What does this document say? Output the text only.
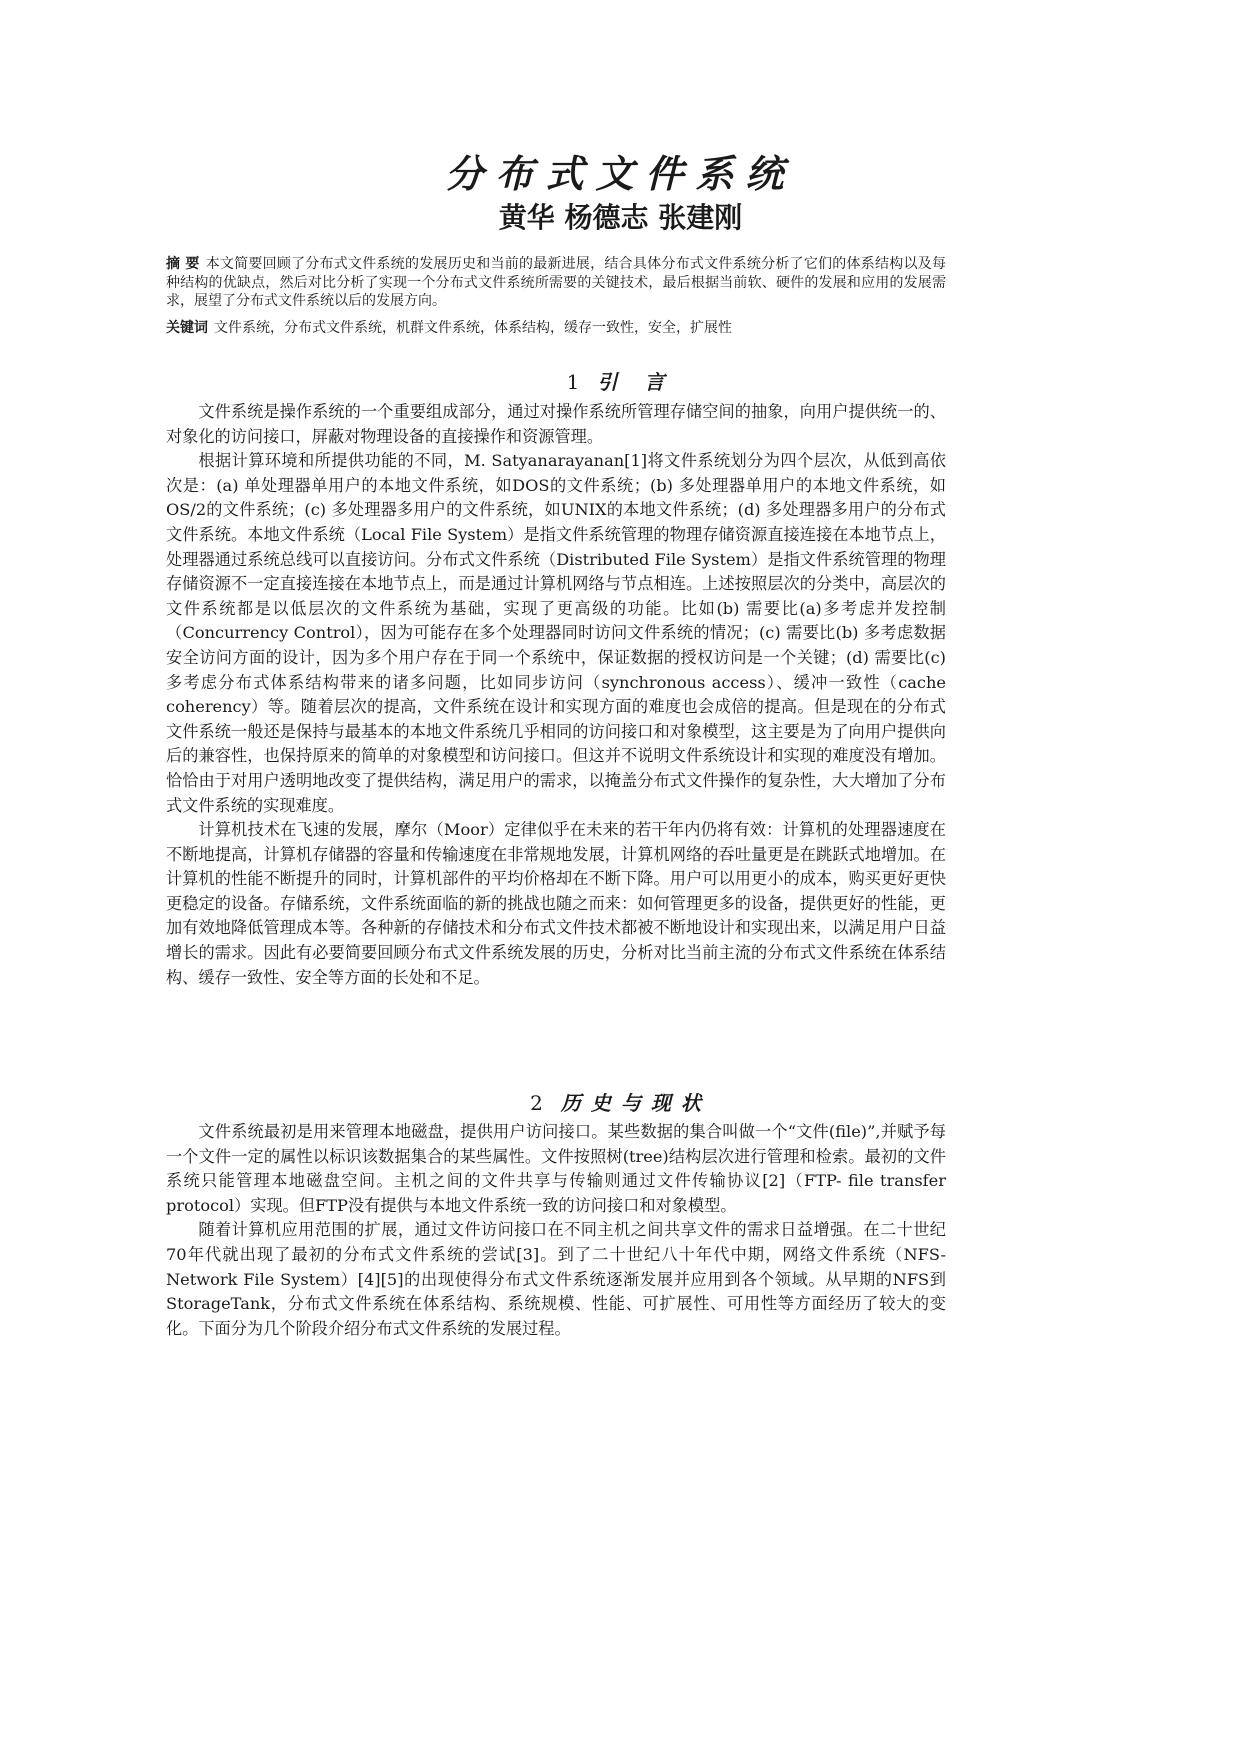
分布式文件系统
黄华 杨德志 张建刚

摘 要 本文简要回顾了分布式文件系统的发展历史和当前的最新进展，结合具体分布式文件系统分析了它们的体系结构以及每种结构的优缺点，然后对比分析了实现一个分布式文件系统所需要的关键技术，最后根据当前软、硬件的发展和应用的发展需求，展望了分布式文件系统以后的发展方向。

关键词 文件系统，分布式文件系统，机群文件系统，体系结构，缓存一致性，安全，扩展性

1 引 言

文件系统是操作系统的一个重要组成部分，通过对操作系统所管理存储空间的抽象，向用户提供统一的、对象化的访问接口，屏蔽对物理设备的直接操作和资源管理。

根据计算环境和所提供功能的不同，M. Satyanarayanan[1]将文件系统划分为四个层次，从低到高依次是：(a) 单处理器单用户的本地文件系统，如DOS的文件系统；(b) 多处理器单用户的本地文件系统，如OS/2的文件系统；(c) 多处理器多用户的文件系统，如UNIX的本地文件系统；(d) 多处理器多用户的分布式文件系统。本地文件系统（Local File System）是指文件系统管理的物理存储资源直接连接在本地节点上，处理器通过系统总线可以直接访问。分布式文件系统（Distributed File System）是指文件系统管理的物理存储资源不一定直接连接在本地节点上，而是通过计算机网络与节点相连。上述按照层次的分类中，高层次的文件系统都是以低层次的文件系统为基础，实现了更高级的功能。比如(b) 需要比(a)多考虑并发控制（Concurrency Control），因为可能存在多个处理器同时访问文件系统的情况；(c) 需要比(b) 多考虑数据安全访问方面的设计，因为多个用户存在于同一个系统中，保证数据的授权访问是一个关键；(d) 需要比(c) 多考虑分布式体系结构带来的诸多问题，比如同步访问（synchronous access）、缓冲一致性（cache coherency）等。随着层次的提高，文件系统在设计和实现方面的难度也会成倍的提高。但是现在的分布式文件系统一般还是保持与最基本的本地文件系统几乎相同的访问接口和对象模型，这主要是为了向用户提供向后的兼容性，也保持原来的简单的对象模型和访问接口。但这并不说明文件系统设计和实现的难度没有增加。恰恰由于对用户透明地改变了提供结构，满足用户的需求，以掩盖分布式文件操作的复杂性，大大增加了分布式文件系统的实现难度。

计算机技术在飞速的发展，摩尔（Moor）定律似乎在未来的若干年内仍将有效：计算机的处理器速度在不断地提高，计算机存储器的容量和传输速度在非常规地发展，计算机网络的吞吐量更是在跳跃式地增加。在计算机的性能不断提升的同时，计算机部件的平均价格却在不断下降。用户可以用更小的成本，购买更好更快更稳定的设备。存储系统，文件系统面临的新的挑战也随之而来：如何管理更多的设备，提供更好的性能，更加有效地降低管理成本等。各种新的存储技术和分布式文件技术都被不断地设计和实现出来，以满足用户日益增长的需求。因此有必要简要回顾分布式文件系统发展的历史，分析对比当前主流的分布式文件系统在体系结构、缓存一致性、安全等方面的长处和不足。

2 历史与现状

文件系统最初是用来管理本地磁盘，提供用户访问接口。某些数据的集合叫做一个“文件(file)”,并赋予每一个文件一定的属性以标识该数据集合的某些属性。文件按照树(tree)结构层次进行管理和检索。最初的文件系统只能管理本地磁盘空间。主机之间的文件共享与传输则通过文件传输协议[2]（FTP- file transfer protocol）实现。但FTP没有提供与本地文件系统一致的访问接口和对象模型。

随着计算机应用范围的扩展，通过文件访问接口在不同主机之间共享文件的需求日益增强。在二十世纪70年代就出现了最初的分布式文件系统的尝试[3]。到了二十世纪八十年代中期，网络文件系统（NFS-Network File System）[4][5]的出现使得分布式文件系统逐渐发展并应用到各个领域。从早期的NFS到StorageTank，分布式文件系统在体系结构、系统规模、性能、可扩展性、可用性等方面经历了较大的变化。下面分为几个阶段介绍分布式文件系统的发展过程。
